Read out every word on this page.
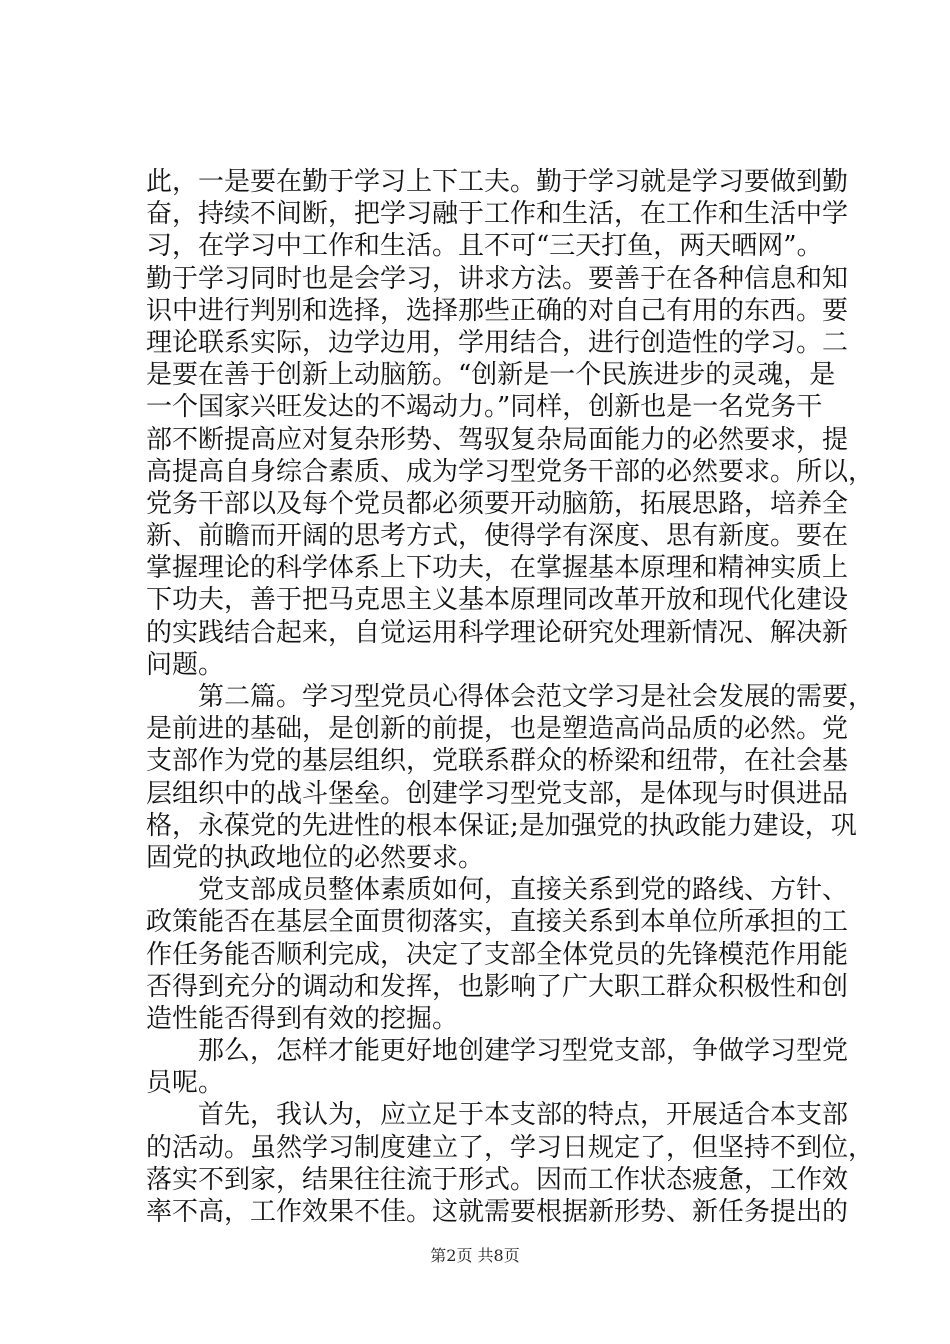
此，一是要在勤于学习上下工夫。勤于学习就是学习要做到勤
奋，持续不间断，把学习融于工作和生活，在工作和生活中学
习，在学习中工作和生活。且不可“三天打鱼，两天晒网”。
勤于学习同时也是会学习，讲求方法。要善于在各种信息和知
识中进行判别和选择，选择那些正确的对自己有用的东西。要
理论联系实际，边学边用，学用结合，进行创造性的学习。二
是要在善于创新上动脑筋。“创新是一个民族进步的灵魂，是
一个国家兴旺发达的不竭动力。”同样，创新也是一名党务干
部不断提高应对复杂形势、驾驭复杂局面能力的必然要求，提
高提高自身综合素质、成为学习型党务干部的必然要求。所以，
党务干部以及每个党员都必须要开动脑筋，拓展思路，培养全
新、前瞻而开阔的思考方式，使得学有深度、思有新度。要在
掌握理论的科学体系上下功夫，在掌握基本原理和精神实质上
下功夫，善于把马克思主义基本原理同改革开放和现代化建设
的实践结合起来，自觉运用科学理论研究处理新情况、解决新
问题。
　　第二篇。学习型党员心得体会范文学习是社会发展的需要，
是前进的基础，是创新的前提，也是塑造高尚品质的必然。党
支部作为党的基层组织，党联系群众的桥梁和纽带，在社会基
层组织中的战斗堡垒。创建学习型党支部，是体现与时俱进品
格，永葆党的先进性的根本保证;是加强党的执政能力建设，巩
固党的执政地位的必然要求。
　　党支部成员整体素质如何，直接关系到党的路线、方针、
政策能否在基层全面贯彻落实，直接关系到本单位所承担的工
作任务能否顺利完成，决定了支部全体党员的先锋模范作用能
否得到充分的调动和发挥，也影响了广大职工群众积极性和创
造性能否得到有效的挖掘。
　　那么，怎样才能更好地创建学习型党支部，争做学习型党
员呢。
　　首先，我认为，应立足于本支部的特点，开展适合本支部
的活动。虽然学习制度建立了，学习日规定了，但坚持不到位，
落实不到家，结果往往流于形式。因而工作状态疲惫，工作效
率不高，工作效果不佳。这就需要根据新形势、新任务提出的
第2页 共8页
